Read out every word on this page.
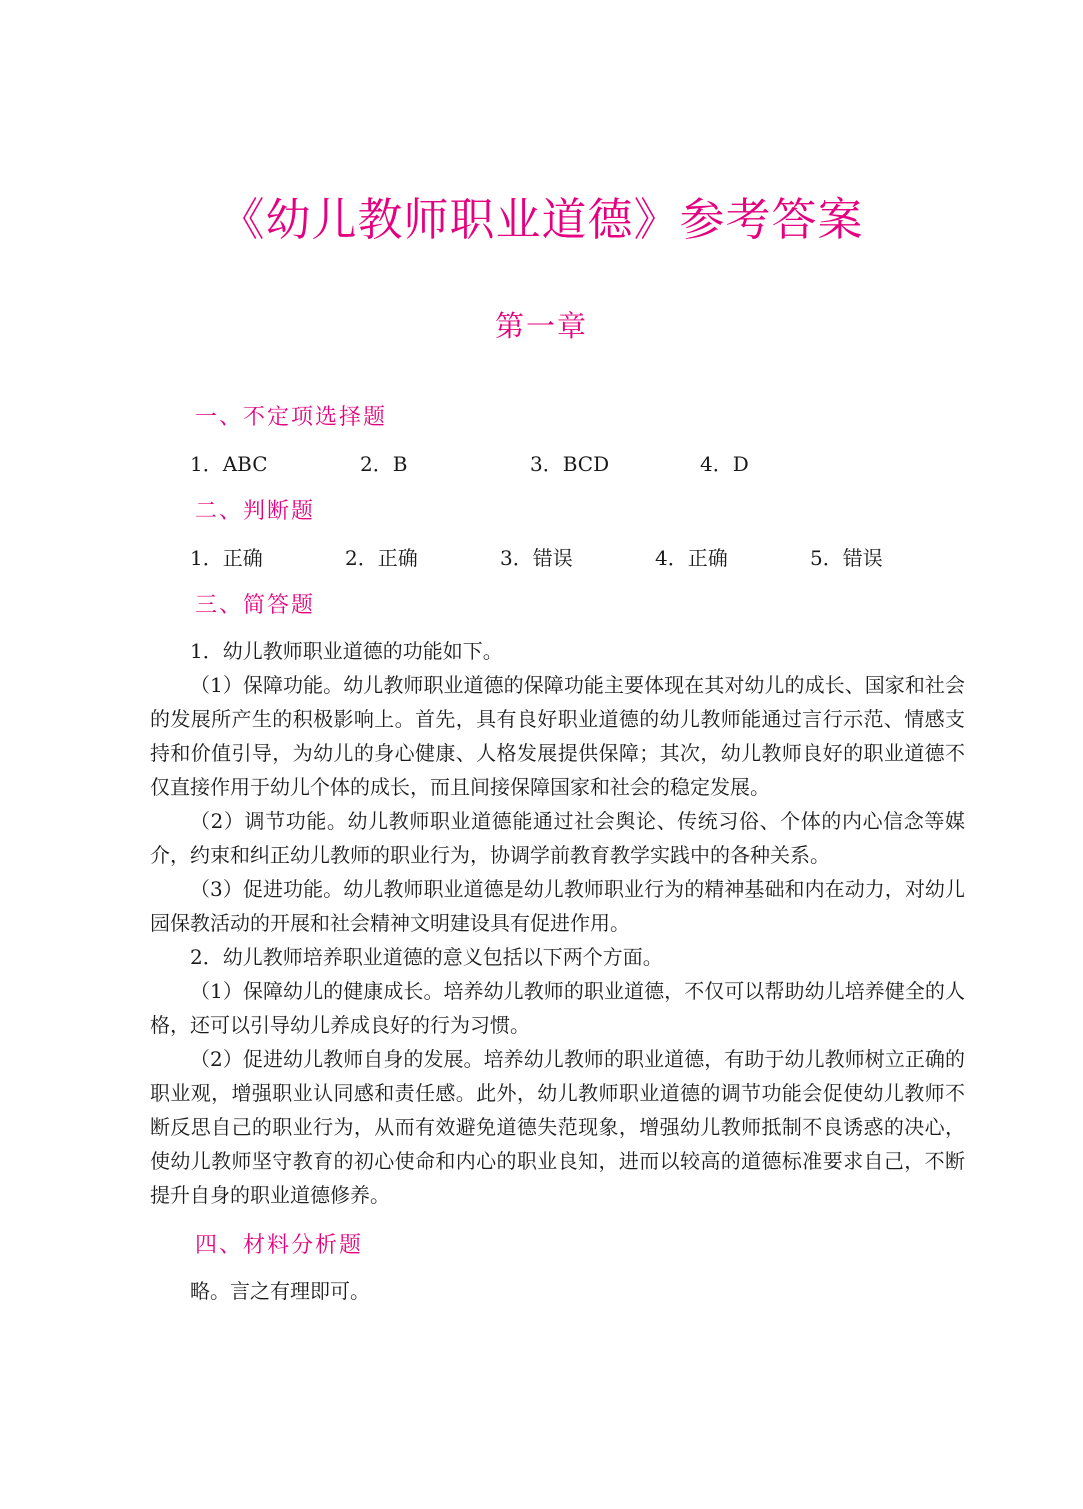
《幼儿教师职业道德》参考答案
第一章
一、不定项选择题
1．ABC	2．B	3．BCD	4．D
二、判断题
1．正确	2．正确	3．错误	4．正确	5．错误
三、简答题

1．幼儿教师职业道德的功能如下。

（1）保障功能。幼儿教师职业道德的保障功能主要体现在其对幼儿的成长、国家和社会的发展所产生的积极影响上。首先，具有良好职业道德的幼儿教师能通过言行示范、情感支持和价值引导，为幼儿的身心健康、人格发展提供保障；其次，幼儿教师良好的职业道德不仅直接作用于幼儿个体的成长，而且间接保障国家和社会的稳定发展。

（2）调节功能。幼儿教师职业道德能通过社会舆论、传统习俗、个体的内心信念等媒介，约束和纠正幼儿教师的职业行为，协调学前教育教学实践中的各种关系。

（3）促进功能。幼儿教师职业道德是幼儿教师职业行为的精神基础和内在动力，对幼儿园保教活动的开展和社会精神文明建设具有促进作用。

2．幼儿教师培养职业道德的意义包括以下两个方面。

（1）保障幼儿的健康成长。培养幼儿教师的职业道德，不仅可以帮助幼儿培养健全的人格，还可以引导幼儿养成良好的行为习惯。

（2）促进幼儿教师自身的发展。培养幼儿教师的职业道德，有助于幼儿教师树立正确的职业观，增强职业认同感和责任感。此外，幼儿教师职业道德的调节功能会促使幼儿教师不断反思自己的职业行为，从而有效避免道德失范现象，增强幼儿教师抵制不良诱惑的决心，使幼儿教师坚守教育的初心使命和内心的职业良知，进而以较高的道德标准要求自己，不断提升自身的职业道德修养。

四、材料分析题

略。言之有理即可。
